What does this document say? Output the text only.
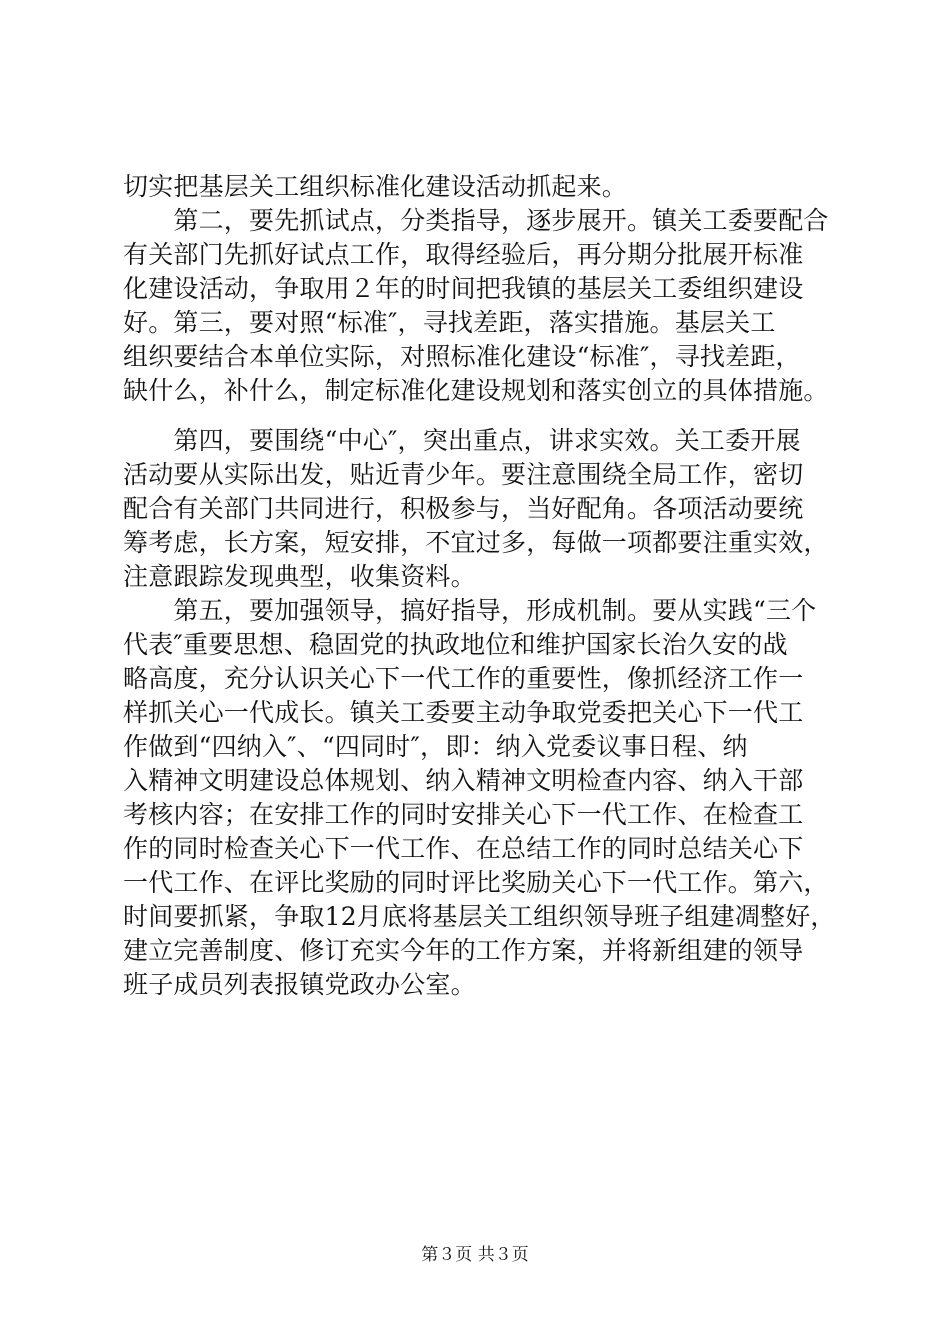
切实把基层关工组织标准化建设活动抓起来。
　　第二，要先抓试点，分类指导，逐步展开。镇关工委要配合
有关部门先抓好试点工作，取得经验后，再分期分批展开标准
化建设活动，争取用２年的时间把我镇的基层关工委组织建设
好。第三，要对照“标准″，寻找差距，落实措施。基层关工
组织要结合本单位实际，对照标准化建设“标准″，寻找差距，
缺什么，补什么，制定标准化建设规划和落实创立的具体措施。
　　第四，要围绕“中心″，突出重点，讲求实效。关工委开展
活动要从实际出发，贴近青少年。要注意围绕全局工作，密切
配合有关部门共同进行，积极参与，当好配角。各项活动要统
筹考虑，长方案，短安排，不宜过多，每做一项都要注重实效，
注意跟踪发现典型，收集资料。
　　第五，要加强领导，搞好指导，形成机制。要从实践“三个
代表″重要思想、稳固党的执政地位和维护国家长治久安的战
略高度，充分认识关心下一代工作的重要性，像抓经济工作一
样抓关心一代成长。镇关工委要主动争取党委把关心下一代工
作做到“四纳入″、“四同时″，即：纳入党委议事日程、纳
入精神文明建设总体规划、纳入精神文明检查内容、纳入干部
考核内容；在安排工作的同时安排关心下一代工作、在检查工
作的同时检查关心下一代工作、在总结工作的同时总结关心下
一代工作、在评比奖励的同时评比奖励关心下一代工作。第六，
时间要抓紧，争取12月底将基层关工组织领导班子组建凋整好，
建立完善制度、修订充实今年的工作方案，并将新组建的领导
班子成员列表报镇党政办公室。
第３页 共３页
